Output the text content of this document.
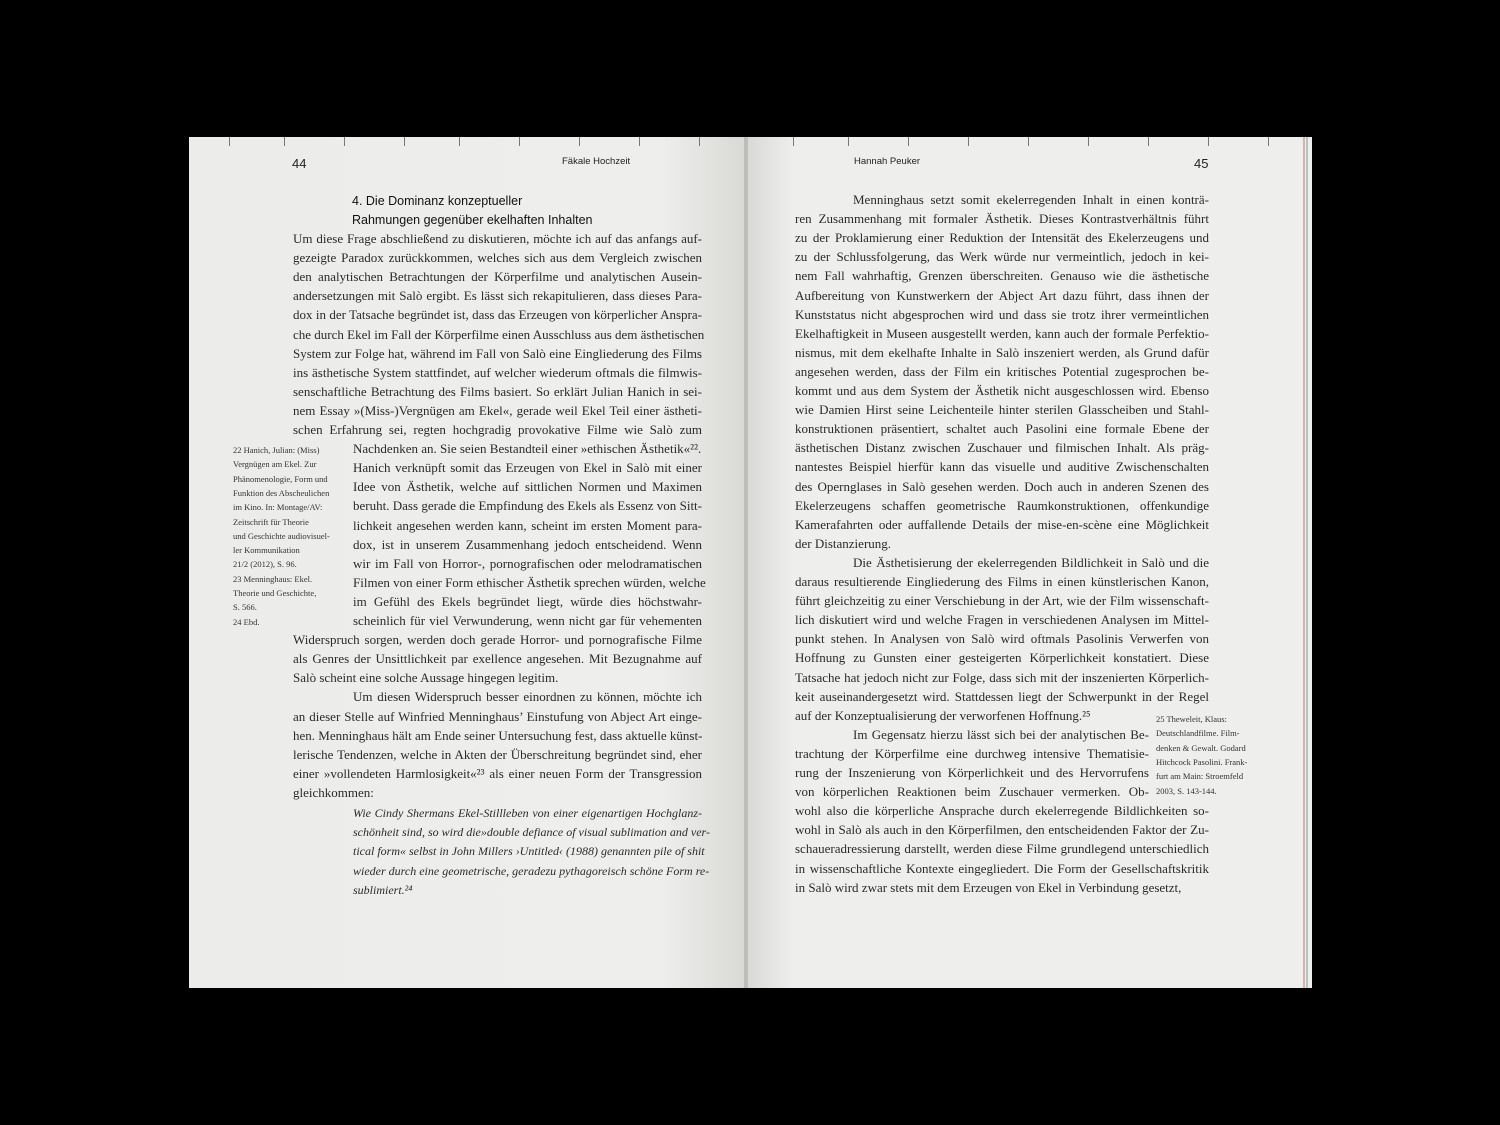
44	Fäkale Hochzeit	Hannah Peuker	45
4. Die Dominanz konzeptueller
Rahmungen gegenüber ekelhaften Inhalten
Um diese Frage abschließend zu diskutieren, möchte ich auf das anfangs auf-
gezeigte Paradox zurückkommen, welches sich aus dem Vergleich zwischen
den analytischen Betrachtungen der Körperfilme und analytischen Ausein-
andersetzungen mit Salò ergibt. Es lässt sich rekapitulieren, dass dieses Para-
dox in der Tatsache begründet ist, dass das Erzeugen von körperlicher Anspra-
che durch Ekel im Fall der Körperfilme einen Ausschluss aus dem ästhetischen
System zur Folge hat, während im Fall von Salò eine Eingliederung des Films
ins ästhetische System stattfindet, auf welcher wiederum oftmals die filmwis-
senschaftliche Betrachtung des Films basiert. So erklärt Julian Hanich in sei-
nem Essay »(Miss-)Vergnügen am Ekel«, gerade weil Ekel Teil einer ästheti-
schen Erfahrung sei, regten hochgradig provokative Filme wie Salò zum
Nachdenken an. Sie seien Bestandteil einer »ethischen Ästhetik«²².
Hanich verknüpft somit das Erzeugen von Ekel in Salò mit einer
Idee von Ästhetik, welche auf sittlichen Normen und Maximen
beruht. Dass gerade die Empfindung des Ekels als Essenz von Sitt-
lichkeit angesehen werden kann, scheint im ersten Moment para-
dox, ist in unserem Zusammenhang jedoch entscheidend. Wenn
wir im Fall von Horror-, pornografischen oder melodramatischen
Filmen von einer Form ethischer Ästhetik sprechen würden, welche
im Gefühl des Ekels begründet liegt, würde dies höchstwahr-
scheinlich für viel Verwunderung, wenn nicht gar für vehementen
Widerspruch sorgen, werden doch gerade Horror- und pornografische Filme
als Genres der Unsittlichkeit par exellence angesehen. Mit Bezugnahme auf
Salò scheint eine solche Aussage hingegen legitim.
Um diesen Widerspruch besser einordnen zu können, möchte ich
an dieser Stelle auf Winfried Menninghaus’ Einstufung von Abject Art einge-
hen. Menninghaus hält am Ende seiner Untersuchung fest, dass aktuelle künst-
lerische Tendenzen, welche in Akten der Überschreitung begründet sind, eher
einer »vollendeten Harmlosigkeit«²³ als einer neuen Form der Transgression
gleichkommen:
Wie Cindy Shermans Ekel-Stillleben von einer eigenartigen Hochglanz-
schönheit sind, so wird die»double defiance of visual sublimation and ver-
tical form« selbst in John Millers ›Untitled‹ (1988) genannten pile of shit
wieder durch eine geometrische, geradezu pythagoreisch schöne Form re-
sublimiert.²⁴
22 Hanich, Julian: (Miss)
Vergnügen am Ekel. Zur
Phänomenologie, Form und
Funktion des Abscheulichen
im Kino. In: Montage/AV:
Zeitschrift für Theorie
und Geschichte audiovisuel-
ler Kommunikation
21/2 (2012), S. 96.
23 Menninghaus: Ekel.
Theorie und Geschichte,
S. 566.
24 Ebd.
Menninghaus setzt somit ekelerregenden Inhalt in einen konträ-
ren Zusammenhang mit formaler Ästhetik. Dieses Kontrastverhältnis führt
zu der Proklamierung einer Reduktion der Intensität des Ekelerzeugens und
zu der Schlussfolgerung, das Werk würde nur vermeintlich, jedoch in kei-
nem Fall wahrhaftig, Grenzen überschreiten. Genauso wie die ästhetische
Aufbereitung von Kunstwerkern der Abject Art dazu führt, dass ihnen der
Kunststatus nicht abgesprochen wird und dass sie trotz ihrer vermeintlichen
Ekelhaftigkeit in Museen ausgestellt werden, kann auch der formale Perfektio-
nismus, mit dem ekelhafte Inhalte in Salò inszeniert werden, als Grund dafür
angesehen werden, dass der Film ein kritisches Potential zugesprochen be-
kommt und aus dem System der Ästhetik nicht ausgeschlossen wird. Ebenso
wie Damien Hirst seine Leichenteile hinter sterilen Glasscheiben und Stahl-
konstruktionen präsentiert, schaltet auch Pasolini eine formale Ebene der
ästhetischen Distanz zwischen Zuschauer und filmischen Inhalt. Als präg-
nantestes Beispiel hierfür kann das visuelle und auditive Zwischenschalten
des Opernglases in Salò gesehen werden. Doch auch in anderen Szenen des
Ekelerzeugens schaffen geometrische Raumkonstruktionen, offenkundige
Kamerafahrten oder auffallende Details der mise-en-scène eine Möglichkeit
der Distanzierung.
Die Ästhetisierung der ekelerregenden Bildlichkeit in Salò und die
daraus resultierende Eingliederung des Films in einen künstlerischen Kanon,
führt gleichzeitig zu einer Verschiebung in der Art, wie der Film wissenschaft-
lich diskutiert wird und welche Fragen in verschiedenen Analysen im Mittel-
punkt stehen. In Analysen von Salò wird oftmals Pasolinis Verwerfen von
Hoffnung zu Gunsten einer gesteigerten Körperlichkeit konstatiert. Diese
Tatsache hat jedoch nicht zur Folge, dass sich mit der inszenierten Körperlich-
keit auseinandergesetzt wird. Stattdessen liegt der Schwerpunkt in der Regel
auf der Konzeptualisierung der verworfenen Hoffnung.²⁵
Im Gegensatz hierzu lässt sich bei der analytischen Be-
trachtung der Körperfilme eine durchweg intensive Thematisie-
rung der Inszenierung von Körperlichkeit und des Hervorrufens
von körperlichen Reaktionen beim Zuschauer vermerken. Ob-
wohl also die körperliche Ansprache durch ekelerregende Bildlichkeiten so-
wohl in Salò als auch in den Körperfilmen, den entscheidenden Faktor der Zu-
schaueradressierung darstellt, werden diese Filme grundlegend unterschiedlich
in wissenschaftliche Kontexte eingegliedert. Die Form der Gesellschaftskritik
in Salò wird zwar stets mit dem Erzeugen von Ekel in Verbindung gesetzt,
25 Theweleit, Klaus:
Deutschlandfilme. Film-
denken & Gewalt. Godard
Hitchcock Pasolini. Frank-
furt am Main: Stroemfeld
2003, S. 143-144.
